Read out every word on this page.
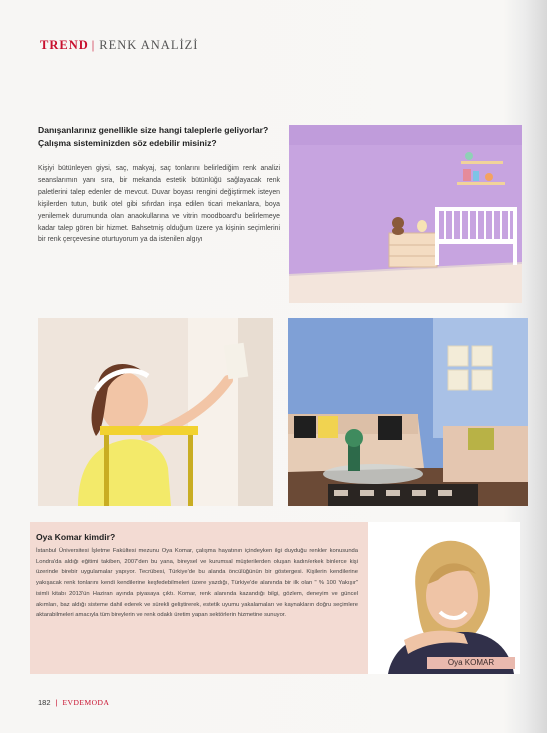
TREND | RENK ANALİZİ
Danışanlarınız genellikle size hangi taleplerle geliyorlar? Çalışma sisteminizden söz edebilir misiniz?
Kişiyi bütünleyen giysi, saç, makyaj, saç tonlarını belirlediğim renk analizi seanslarımın yanı sıra, bir mekanda estetik bütünlüğü sağlayacak renk paletlerini talep edenler de mevcut. Duvar boyası rengini değiştirmek isteyen kişilerden tutun, butik otel gibi sıfırdan inşa edilen ticari mekanlara, boya yenilemek durumunda olan anaokullarına ve vitrin moodboard'u belirlemeye kadar talep gören bir hizmet. Bahsetmiş olduğum üzere ya kişinin seçimlerini bir renk çerçevesine oturtuyorum ya da istenilen algıyı
Oya Komar kimdir?
İstanbul Üniversitesi İşletme Fakültesi mezunu Oya Komar, çalışma hayatının içindeyken ilgi duyduğu renkler konusunda Londra'da aldığı eğitimi takiben, 2007'den bu yana, bireysel ve kurumsal müşterilerden oluşan kadın/erkek binlerce kişi üzerinde birebir uygulamalar yapıyor. Tecrübesi, Türkiye'de bu alanda öncülüğünün bir göstergesi. Kişilerin kendilerine yakışacak renk tonlarını kendi kendilerine keşfedebilmeleri üzere yazdığı, Türkiye'de alanında bir ilk olan " % 100 Yakışır" isimli kitabı 2013'ün Haziran ayında piyasaya çıktı. Komar, renk alanında kazandığı bilgi, gözlem, deneyim ve güncel akımları, baz aldığı sisteme dahil ederek ve sürekli geliştirerek, estetik uyumu yakalamaları ve kaynakların doğru seçimlere aktarabilmeleri amacıyla tüm bireylerin ve renk odaklı üretim yapan sektörlerin hizmetine sunuyor.
Oya KOMAR
182 | EVDEMODA
